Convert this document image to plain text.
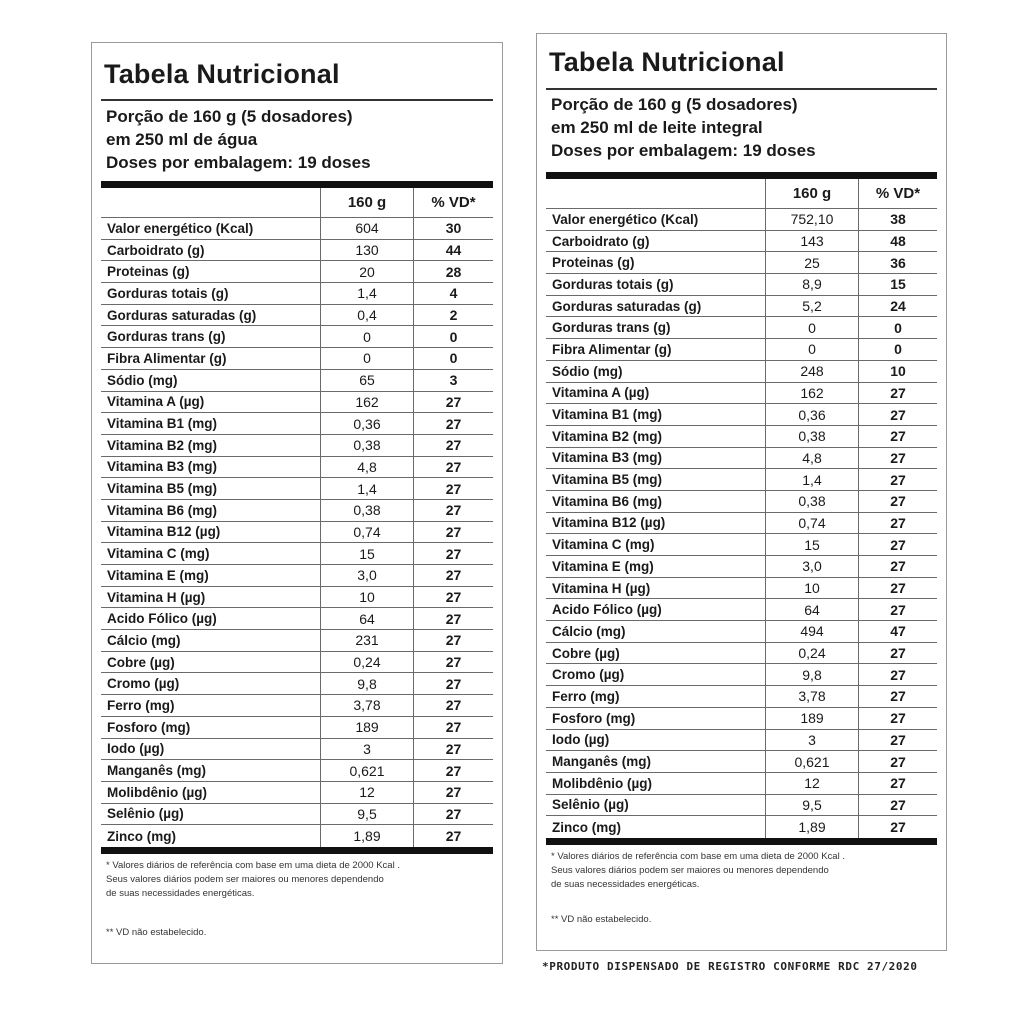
Tabela Nutricional
Porção de 160 g (5 dosadores)
em 250 ml de água
Doses por embalagem: 19 doses
160 g	% VD*
Valor energético (Kcal)	604	30
Carboidrato (g)	130	44
Proteinas (g)	20	28
Gorduras totais (g)	1,4	4
Gorduras saturadas (g)	0,4	2
Gorduras trans (g)	0	0
Fibra Alimentar (g)	0	0
Sódio (mg)	65	3
Vitamina A (µg)	162	27
Vitamina B1 (mg)	0,36	27
Vitamina B2 (mg)	0,38	27
Vitamina B3 (mg)	4,8	27
Vitamina B5 (mg)	1,4	27
Vitamina B6 (mg)	0,38	27
Vitamina B12 (µg)	0,74	27
Vitamina C (mg)	15	27
Vitamina E (mg)	3,0	27
Vitamina H (µg)	10	27
Acido Fólico (µg)	64	27
Cálcio (mg)	231	27
Cobre (µg)	0,24	27
Cromo (µg)	9,8	27
Ferro (mg)	3,78	27
Fosforo (mg)	189	27
Iodo (µg)	3	27
Manganês (mg)	0,621	27
Molibdênio (µg)	12	27
Selênio (µg)	9,5	27
Zinco (mg)	1,89	27
* Valores diários de referência com base em uma dieta de 2000 Kcal .
Seus valores diários podem ser maiores ou menores dependendo
de suas necessidades energéticas.
** VD não estabelecido.
Tabela Nutricional
Porção de 160 g (5 dosadores)
em 250 ml de leite integral
Doses por embalagem: 19 doses
160 g	% VD*
Valor energético (Kcal)	752,10	38
Carboidrato (g)	143	48
Proteinas (g)	25	36
Gorduras totais (g)	8,9	15
Gorduras saturadas (g)	5,2	24
Gorduras trans (g)	0	0
Fibra Alimentar (g)	0	0
Sódio (mg)	248	10
Vitamina A (µg)	162	27
Vitamina B1 (mg)	0,36	27
Vitamina B2 (mg)	0,38	27
Vitamina B3 (mg)	4,8	27
Vitamina B5 (mg)	1,4	27
Vitamina B6 (mg)	0,38	27
Vitamina B12 (µg)	0,74	27
Vitamina C (mg)	15	27
Vitamina E (mg)	3,0	27
Vitamina H (µg)	10	27
Acido Fólico (µg)	64	27
Cálcio (mg)	494	47
Cobre (µg)	0,24	27
Cromo (µg)	9,8	27
Ferro (mg)	3,78	27
Fosforo (mg)	189	27
Iodo (µg)	3	27
Manganês (mg)	0,621	27
Molibdênio (µg)	12	27
Selênio (µg)	9,5	27
Zinco (mg)	1,89	27
* Valores diários de referência com base em uma dieta de 2000 Kcal .
Seus valores diários podem ser maiores ou menores dependendo
de suas necessidades energéticas.
** VD não estabelecido.
*PRODUTO DISPENSADO DE REGISTRO CONFORME RDC 27/2020
